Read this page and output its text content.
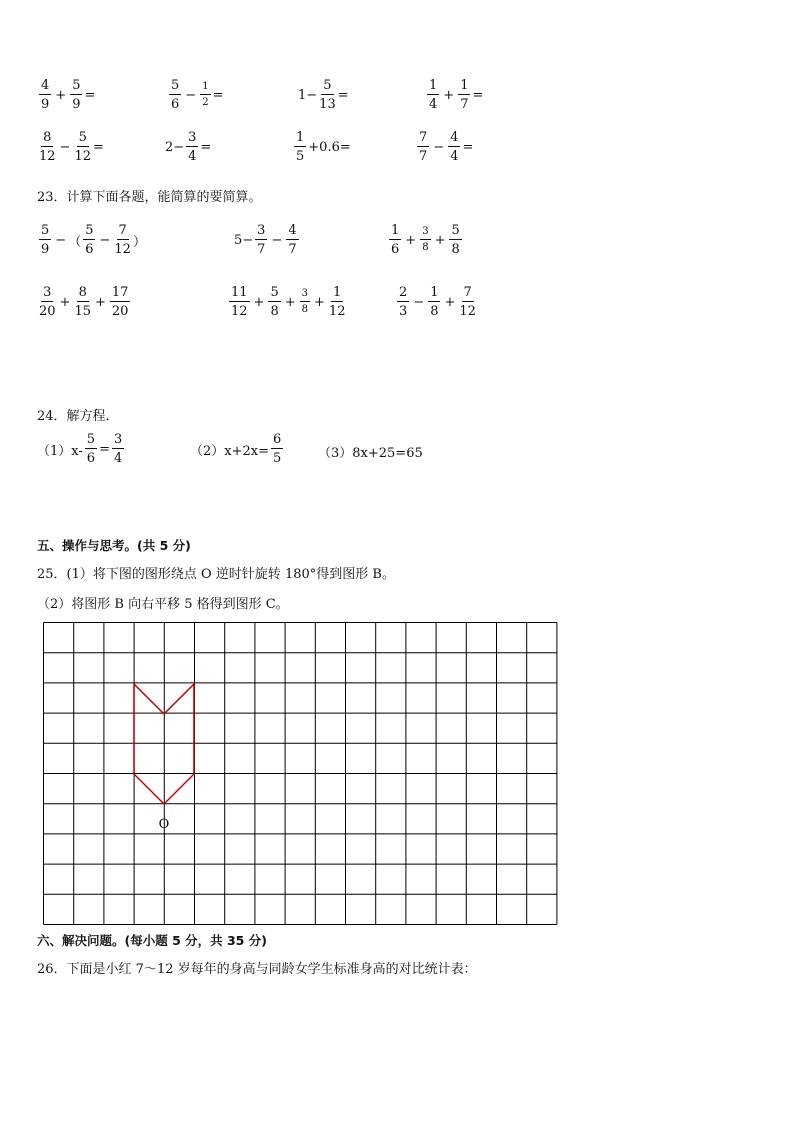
$\frac{4}{9} + \frac{5}{9}$ =	$\frac{5}{6} - \frac{1}{2}$ =	$1- \frac{5}{13}$ =	$\frac{1}{4} + \frac{1}{7}$ =
$\frac{8}{12} - \frac{5}{12}$ =	$2- \frac{3}{4}$ =	$\frac{1}{5} +0.6=$	$\frac{7}{7} - \frac{4}{4}$ =
23．计算下面各题，能简算的要简算。
$\frac{5}{9}$ − （ $\frac{5}{6} - \frac{7}{12}$ ）	$5- \frac{3}{7} - \frac{4}{7}$	$\frac{1}{6} + \frac{3}{8} + \frac{5}{8}$
$\frac{3}{20} + \frac{8}{15} + \frac{17}{20}$	$\frac{11}{12} + \frac{5}{8} + \frac{3}{8} + \frac{1}{12}$	$\frac{2}{3} - \frac{1}{8} + \frac{7}{12}$
24．解方程．
$(1)x- \frac{5}{6} = \frac{3}{4}$	$(2)x+2x= \frac{6}{5}$	（3）8x+25=65
五、操作与思考。(共 5 分)
25．(1）将下图的图形绕点 O 逆时针旋转 180°得到图形 B。
（2）将图形 B 向右平移 5 格得到图形 C。
O
六、解决问题。(每小题 5 分，共 35 分)
26．下面是小红 7～12 岁每年的身高与同龄女学生标准身高的对比统计表：
